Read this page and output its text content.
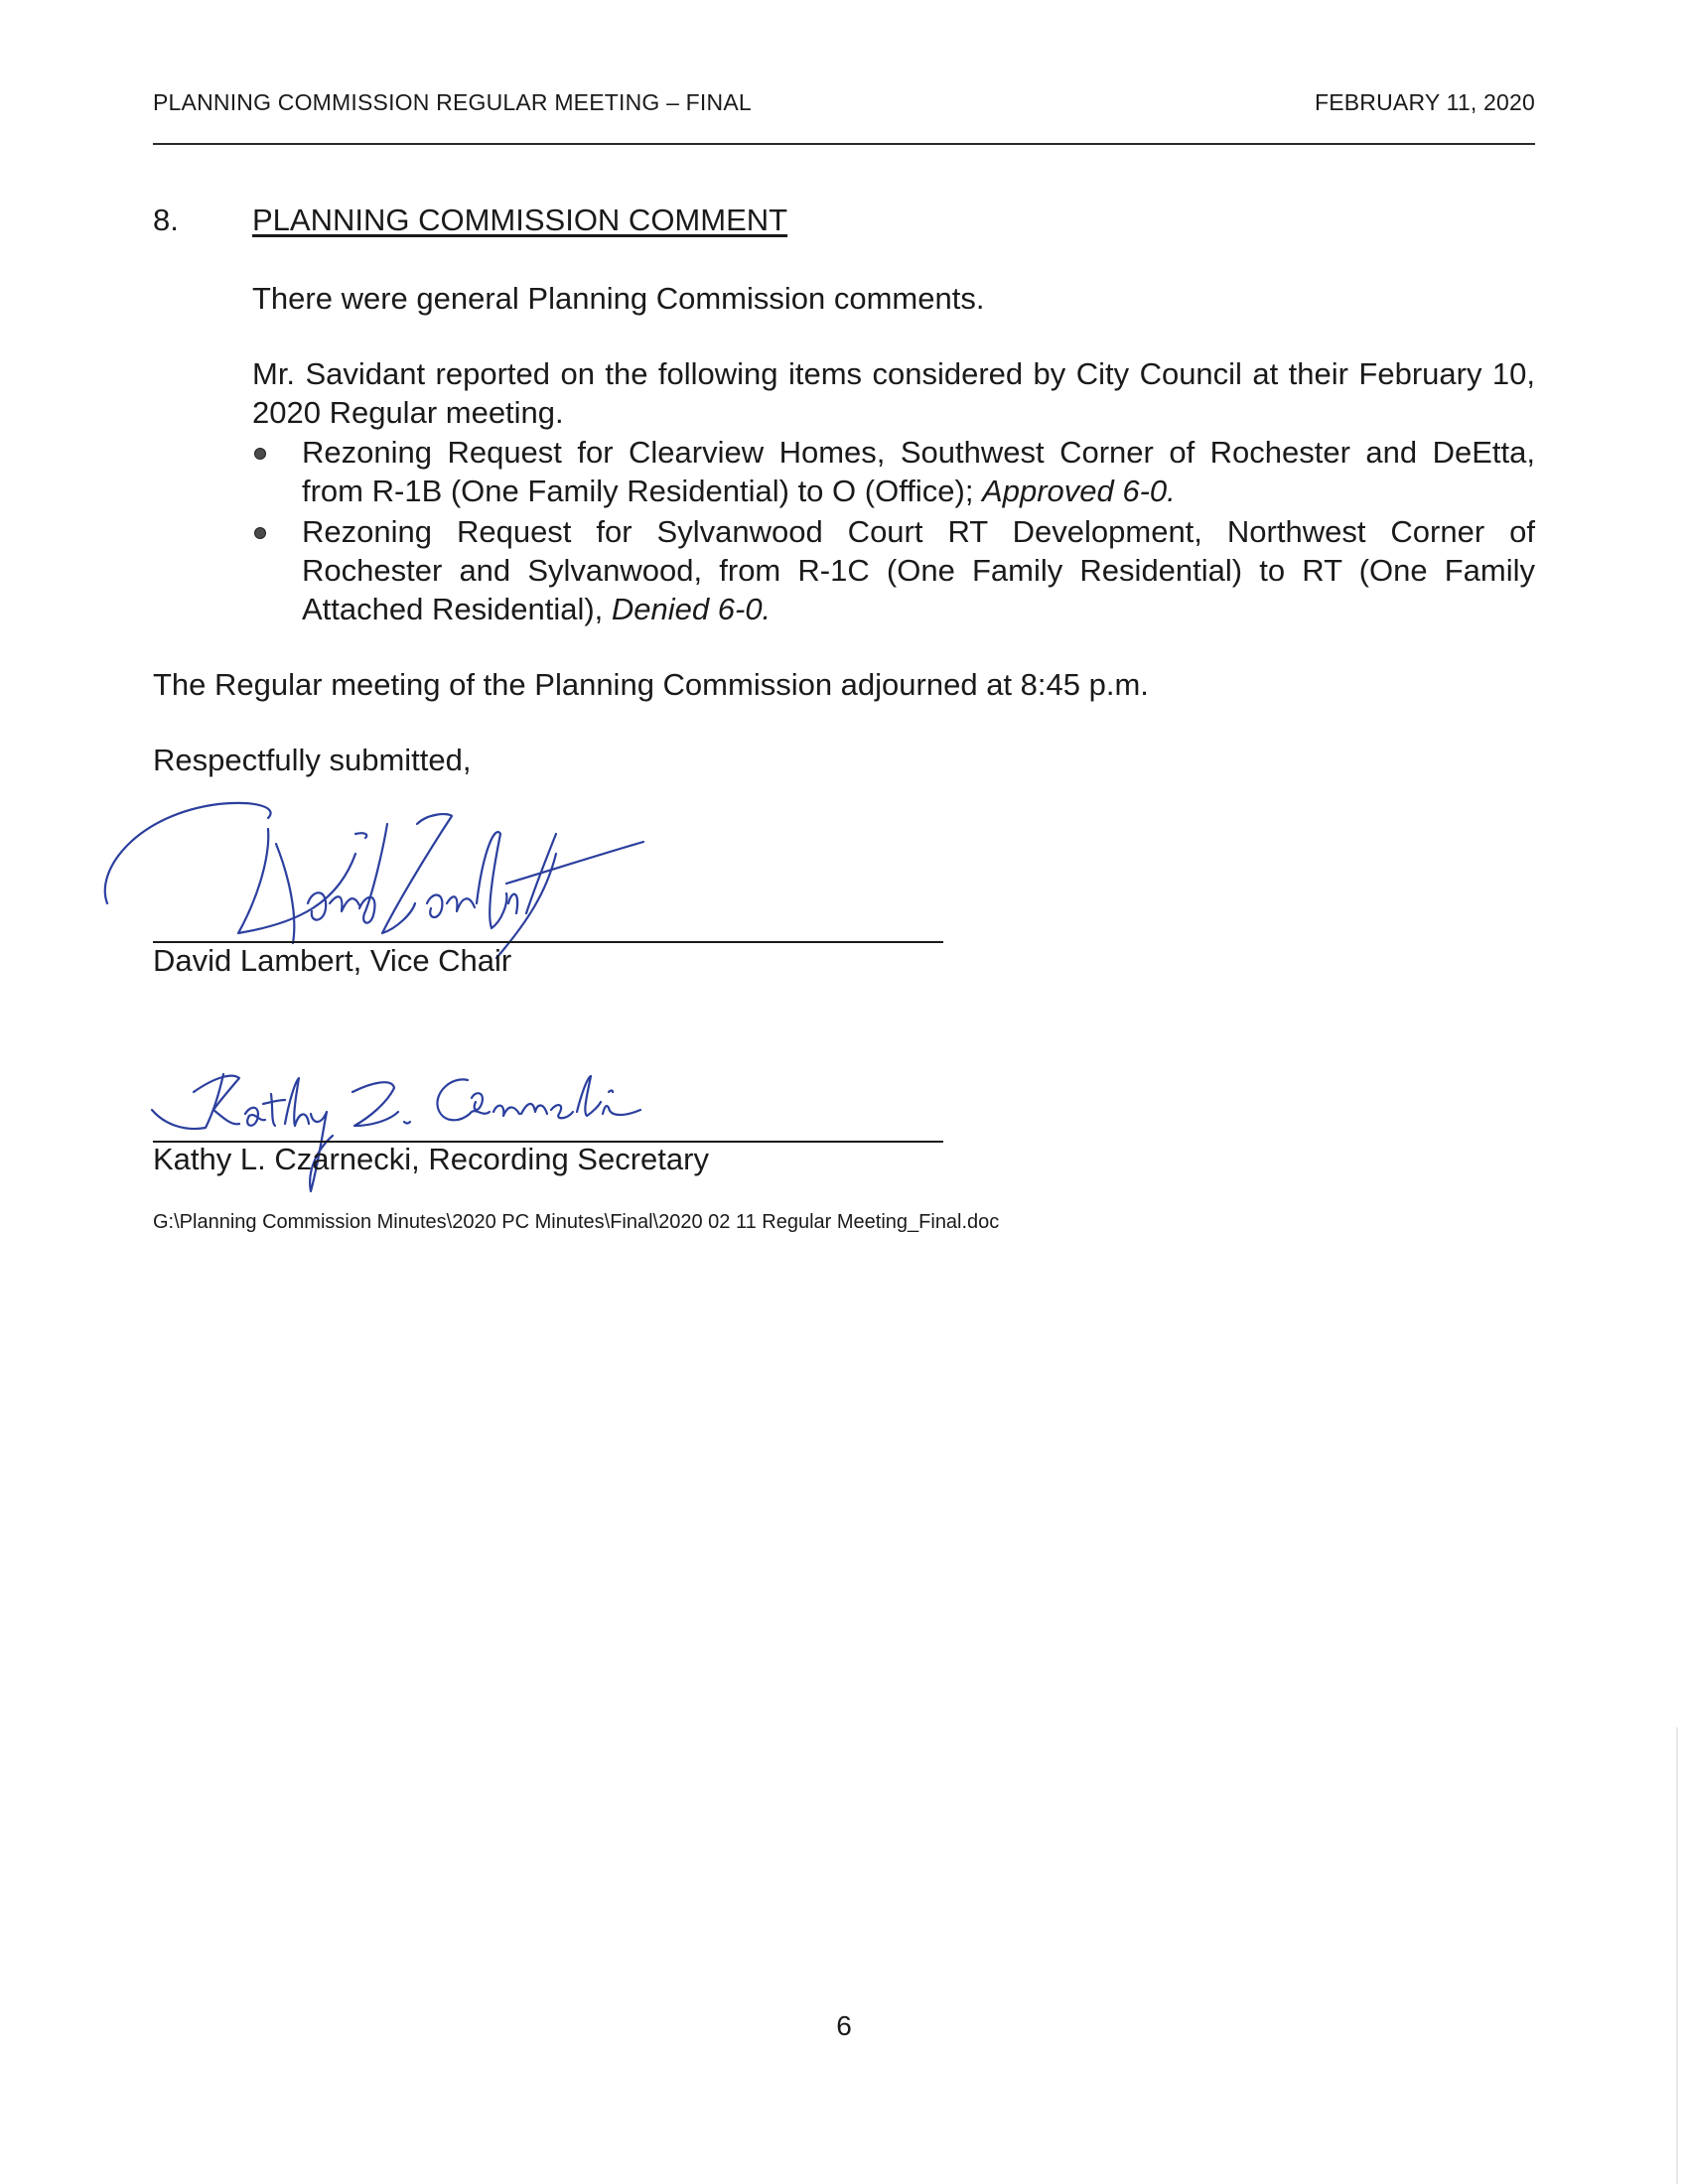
PLANNING COMMISSION REGULAR MEETING – FINAL	FEBRUARY 11, 2020
8. PLANNING COMMISSION COMMENT
There were general Planning Commission comments.
Mr. Savidant reported on the following items considered by City Council at their February 10, 2020 Regular meeting.
Rezoning Request for Clearview Homes, Southwest Corner of Rochester and DeEtta, from R-1B (One Family Residential) to O (Office); Approved 6-0.
Rezoning Request for Sylvanwood Court RT Development, Northwest Corner of Rochester and Sylvanwood, from R-1C (One Family Residential) to RT (One Family Attached Residential), Denied 6-0.
The Regular meeting of the Planning Commission adjourned at 8:45 p.m.
Respectfully submitted,
David Lambert, Vice Chair
Kathy L. Czarnecki, Recording Secretary
G:\Planning Commission Minutes\2020 PC Minutes\Final\2020 02 11 Regular Meeting_Final.doc
6
